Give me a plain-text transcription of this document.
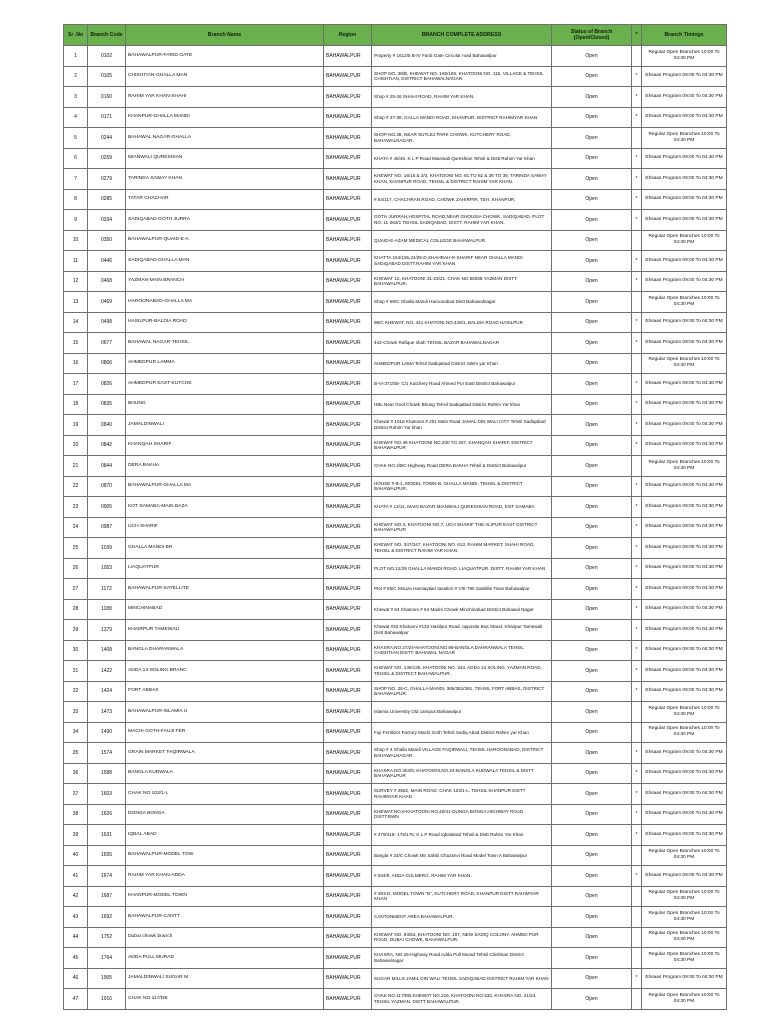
Sr .No	Branch Code	Branch Name	Region	BRANCH COMPLETE ADDRESS	Status of Branch (Open/Closed)	*	Branch Timings
1	0102	BAHAWALPUR-FARID GATE	BAHAWALPUR	Property # 1612/5 B-IV Farid Gate Circular road Bahawalpur	Open		Regular Open Branches 10:00 To 04:30 PM
2	0105	CHISHTIAN-GHALLA MAN	BAHAWALPUR	SHOP NO. 38/B, KHEWAT NO. 165/165, KHATOONI NO. 115, VILLAGE & TEHSIL CHISHTIAN, DISTRICT BAHAWALNAGAR.	Open	*	Ehsaas Program 09:00 To 04:30 PM
3	0160	RAHIM YAR KHAN-SHAHI	BAHAWALPUR	Shop # 25-26 SHAHI ROAD, RAHIM YAR KHAN.	Open	*	Ehsaas Program 09:00 To 04:30 PM
4	0171	KHANPUR-GHALLA MANDI	BAHAWALPUR	Shop # 37-38, GALLA MANDI ROAD, KHANPUR, DISTRICT RAHIMYAR KHAN	Open	*	Ehsaas Program 09:00 To 04:30 PM
5	0244	BAHAWAL NAGAR-GHALLA	BAHAWALPUR	SHOP NO.38, NEAR SUTLEJ PARK CHOWK, KUTCHERY ROAD, BAHAWALNAGAR.	Open		Regular Open Branches 10:00 To 04:30 PM
6	0259	MIANWALI QURESHIAN	BAHAWALPUR	KHATA # 46/46, K L P Road Mianwali Qureshian Tehsil & Distt Rahim Yar Khan	Open	*	Ehsaas Program 09:00 To 04:30 PM
7	0279	TARINDA SAWAY KHAN	BAHAWALPUR	KHEWAT NO. 16/15 & 3/3, KHATOONI NO. 81 TO 82 & 36 TO 39, TARINDA SAWAY KHAN, KHANPUR ROAD, TEHSIL & DISTRICT RAHIM YAR KHAN.	Open	*	Ehsaas Program 09:00 To 04:30 PM
8	0285	TATAR CHACHAR	BAHAWALPUR	# 54/117, CHACHRAN ROAD, CHOWK ZAHIRPIR, TEH. KHANPUR.	Open	*	Ehsaas Program 09:00 To 04:30 PM
9	0334	SADIQABAD-GOTH JURRA	BAHAWALPUR	GOTH JURRAH,HOSPITAL ROAD,NEAR GHOUSIA CHOWK, SADIQABAD. PLOT NO. 11-263/1 TEHSIL SADIQABAD, DISTT. RAHIM YAR KHAN.	Open	*	Ehsaas Program 09:00 To 04:30 PM
10	0350	BAHAWALPUR-QUAID-E-A	BAHAWALPUR	QUAID-E-AZAM MEDICAL COLLEGE BAHAWALPUR	Open		Regular Open Branches 10:00 To 04:30 PM
11	0446	SADIQABAD-GHALLA MAN	BAHAWALPUR	KHATTA 154/155,24/25-D,SHAHRAH-E-SHARIF NEAR GHALLA MANDI SADIQABAD DISTT.RAHIM YAR KHAN	Open	*	Ehsaas Program 09:00 To 04:30 PM
12	0468	YAZMAN-MAIN BRANCH	BAHAWALPUR	KHEWAT 12, KHATOONI 31-23/21, CHAK NO.56/DB YAZMAN DISTT. BAHAWALPUR.	Open	*	Ehsaas Program 09:00 To 04:30 PM
13	0469	HAROONABAD-GHALLA MA	BAHAWALPUR	Shop # 69/C Ghalla Mandi Haroonabad Distt Bahawalnagar	Open		Regular Open Branches 10:00 To 04:30 PM
14	0498	HASILPUR-BALDIA ROAD	BAHAWALPUR	98/C KHEWAT, NO. 441 KHATONI,NO.449/1, BALDIA ROAD HASILPUR	Open	*	Ehsaas Program 09:00 To 04:30 PM
15	0677	BAHAWAL NAGAR-TEHSIL	BAHAWALPUR	442-Chowk Rafique shah TEHSIL BAZAR BAHAWALNAGAR	Open	*	Ehsaas Program 09:00 To 04:30 PM
16	0806	AHMEDPUR LAMMA	BAHAWALPUR	AHMEDPUR LAMA Tehsil Sadiqabad District rahim yar Khan	Open		Regular Open Branches 10:00 To 04:30 PM
17	0826	AHMEDPUR EAST-KUTCHE	BAHAWALPUR	B-VI-371/55- C/1 Kutchery Road Ahmed Pur East District Bahawalpur	Open	*	Ehsaas Program 09:00 To 04:30 PM
18	0835	BHUNG	BAHAWALPUR	HBL Near Gool Chowk Bhung Tehsil Sadiqabad District Rahim Yar khan	Open	*	Ehsaas Program 09:00 To 04:30 PM
19	0840	JAMALDINWALI	BAHAWALPUR	Khewat # 1018 Khatooni # 251 Main Road JAMAL DIN WALI CITY Tehsil Sadiqabad District Rahim Yar khan	Open	*	Ehsaas Program 09:00 To 04:30 PM
20	0842	KHANQAH SHARIF	BAHAWALPUR	KHEWAT NO.49 KHATOONI NO.200 TO 207, KHANQAH SHARIF, DISTRICT BAHAWALPUR	Open	*	Ehsaas Program 09:00 To 04:30 PM
21	0844	DERA BAKHA	BAHAWALPUR	CHAK NO.4/BC-Highway Road DERA BAKHA Tehsil & District Bahawalpur	Open		Regular Open Branches 10:00 To 04:30 PM
22	0870	BAHAWALPUR-GHALLA MA	BAHAWALPUR	HOUSE # B-1, MODEL TOWN-B, GHALLA MANDI, TEHSIL & DISTRICT BAHAWALPUR.	Open	*	Ehsaas Program 09:00 To 04:30 PM
23	0905	KOT SAMABA-MAIN BAZA	BAHAWALPUR	KHATA # 13/11, MAIN BAZAR MIANWALI QURESHIAN ROAD, KOT SAMABA	Open	*	Ehsaas Program 09:00 To 04:30 PM
24	0987	UCH SHARIF	BAHAWALPUR	KHEWAT NO.3, KHATOONI NO.7, UCH SHARIF THE ALIPUR EAST DISTRICT BAHAWALPUR	Open	*	Ehsaas Program 09:00 To 04:30 PM
25	1039	GHALLA MANDI BR	BAHAWALPUR	KHEWAT NO. 347/347, KHATOONI NO. 613, RAHIM MARKET, SHAHI ROAD, TEHSIL & DISTRICT RAHIM YAR KHAN.	Open	*	Ehsaas Program 09:00 To 04:30 PM
26	1053	LIAQUATPUR	BAHAWALPUR	PLOT NO.12/29 GHALLA MANDI ROAD, LIAQUATPUR. DISTT. RAHIM YAR KHAN	Open	*	Ehsaas Program 09:00 To 04:30 PM
27	1172	BAHAWALPUR-SATELLITE	BAHAWALPUR	Plot # 55/C Mouza Hamiaytian taxation # VIII-790 Satellite Town Bahawalpur	Open	*	Ehsaas Program 09:00 To 04:30 PM
28	1188	MINCHINABAD	BAHAWALPUR	Khewat # 64 Khatooni # 64 Madni Chowk Minchinabad District Bahawal Nagar	Open	*	Ehsaas Program 09:00 To 04:30 PM
29	1379	KHAIRPUR TAMEWALI	BAHAWALPUR	Khewat #33 Khatooni #133 Hasilpur Road, opposite Bus Stand, Khairpur Tamewali Distt Bahawalpur	Open	*	Ehsaas Program 09:00 To 04:30 PM
30	1408	BANGLA DHARANWALA	BAHAWALPUR	KHASRA,NO.27/24-KHATOONI,NO.89-BANGLA DAHRANWALA TEHSIL CHISHTIAN DISTT. BAHAWAL NAGAR	Open	*	Ehsaas Program 09:00 To 04:30 PM
31	1422	ADDA 13-SOLING BRANC	BAHAWALPUR	KHEWAT NO. 139/135, KHATOONI NO. 343, ADDA 13 SOLING, YAZMAN ROAD, TEHSIL & DISTRICT BAHAWALPUR.	Open	*	Ehsaas Program 09:00 To 04:30 PM
32	1424	FORT ABBAS	BAHAWALPUR	SHOP NO. 28-C, GHALLA MANDI, 365/381/381, TEHSIL FORT ABBAS, DISTRICT BAHAWALPUR.	Open	*	Ehsaas Program 09:00 To 04:30 PM
33	1473	BAHAWALPUR-ISLAMIA U	BAHAWALPUR	Islamia University Old campus Bahawalpur	Open		Regular Open Branches 10:00 To 04:30 PM
34	1490	MACHI GOTH-FAUJI FER	BAHAWALPUR	Fuji Fertilizer Factory Machi Goth Tehsil Sadiq Abad District Rahim yar Khan	Open		Regular Open Branches 10:00 To 04:30 PM
35	1574	GRAIN MARKET FAQIRWALA	BAHAWALPUR	Shop # 4 Ghalla Mandi VILLAGE FAQIRWALI, TEHSIL HAROONABAD, DISTRICT BAHAWALNAGAR.	Open	*	Ehsaas Program 09:00 To 04:30 PM
36	1588	BANGLA KUDWALA	BAHAWALPUR	KHASRA,NO.404/8, KHATOONI,NO.24-BANGLA KUDWALA TEHSIL & DISTT BAHAWALPUR	Open	*	Ehsaas Program 09:00 To 04:30 PM
37	1603	CHAK NO.103/1-L	BAHAWALPUR	SURVEY # 2662, MAIN ROAD, CHAK 103/1-L, TEHSIL KHANPUR DISTT RAHIMYAR KHAN	Open	*	Ehsaas Program 09:00 To 04:30 PM
38	1626	DONGA BONGA	BAHAWALPUR	KHEWAT,NO.6-KHATOONI NO.40/41-DUNGA BONGA HIGHWAY ROAD DISTT.BWN	Open	*	Ehsaas Program 09:00 To 04:30 PM
39	1631	IQBAL ABAD	BAHAWALPUR	# 479/418- 176/176, K L P Road Iqbalabad Tehsil & Distt Rahim Yar Khan	Open	*	Ehsaas Program 09:00 To 04:30 PM
40	1655	BAHAWALPUR-MODEL TOW	BAHAWALPUR	Bangla # 33/C Chowk Mir Sahib Ghazanvi Road Model Town A Bahawalpur	Open		Regular Open Branches 10:00 To 04:30 PM
41	1674	RAHIM YAR KHAN-ADDA	BAHAWALPUR	# 534/9, ADDA GULMERG, RAHIM YAR KHAN.	Open	*	Ehsaas Program 09:00 To 04:30 PM
42	1687	KHANPUR-MODEL TOWN	BAHAWALPUR	# 393-D, MODEL TOWN "B", KUTCHERY ROAD, KHANPUR DISTT RAHIMYAR KHAN	Open		Regular Open Branches 10:00 To 04:30 PM
43	1692	BAHAWALPUR-CANTT.	BAHAWALPUR	CANTONMENT AREA BAHAWALPUR.	Open		Regular Open Branches 10:00 To 04:30 PM
44	1752	Dubai chowk branch	BAHAWALPUR	KHEWAT NO. 84/84, KHATOONI NO. 197, NEW SADIQ COLONY, AHMED PUR ROAD, DUBAI CHOWK, BAHAWALPUR.	Open		Regular Open Branches 10:00 To 04:30 PM
45	1764	ADDA PULL MURAD	BAHAWALPUR	KHASRA, NO.26-Highway Road Adda Pull Murad Tehsil Chishtian District Bahawalnagar	Open		Regular Open Branches 10:00 To 04:30 PM
46	1905	JAMALDINWALI SUGAR M	BAHAWALPUR	SUGAR MILLS JAMIL DIN WALI TEHSIL SADIQABAD DISTRICT RAHIM YAR KHAN	Open	*	Ehsaas Program 09:00 To 04:30 PM
47	1916	CHAK NO.117/DB	BAHAWALPUR	CHAK NO.117/DB,KHEWAT NO.226, KHATOONI NO.533, KHASRA NO. 21/24, TEHSIL YAZMAN, DISTT BAHAWALPUR.	Open		Regular Open Branches 10:00 To 04:30 PM
